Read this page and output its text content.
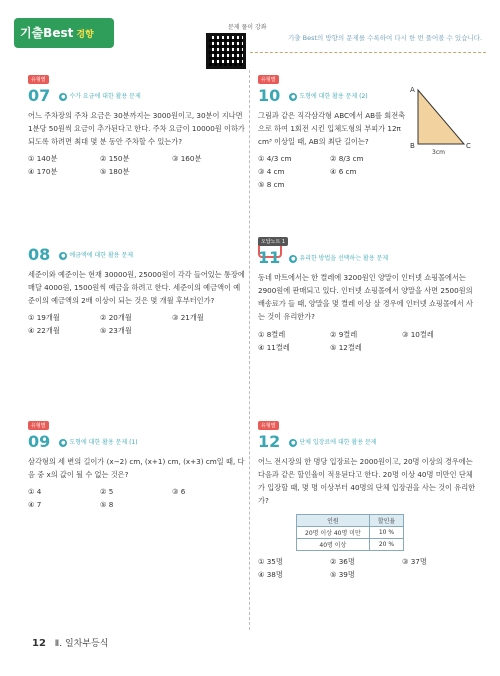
기출Best 경향
문제 풀이 강좌
기출 Best의 방향의 문제를 수록하여 다시 한 번 풀어볼 수 있습니다.
유형별
07 ● 수가 요금에 대한 활용 문제
어느 주차장의 주차 요금은 30분까지는 3000원이고, 30분이 지나면 1분당 50원씩 요금이 추가된다고 한다. 주차 요금이 10000원 이하가 되도록 하려면 최대 몇 분 동안 주차할 수 있는가?
① 140분	② 150분	③ 160분
④ 170분	⑤ 180분
08 ● 예금액에 대한 활용 문제
세준이와 예준이는 현재 30000원, 25000원이 각각 들어있는 통장에 매달 4000원, 1500원씩 예금을 하려고 한다. 세준이의 예금액이 예준이의 예금액의 2배 이상이 되는 것은 몇 개월 후부터인가?
① 19개월	② 20개월	③ 21개월
④ 22개월	⑤ 23개월
유형별
09 ● 도형에 대한 활용 문제 (1)
삼각형의 세 변의 길이가 (x−2) cm, (x+1) cm, (x+3) cm일 때, 다음 중 x의 값이 될 수 없는 것은?
① 4	② 5	③ 6
④ 7	⑤ 8
유형별
10 ● 도형에 대한 활용 문제 (2)
그림과 같은 직각삼각형 ABC에서 AB를 회전축으로 하여 1회전 시킨 입체도형의 부피가 12π cm³ 이상일 때, AB의 최단 길이는?
① 4/3 cm	② 8/3 cm
③ 4 cm	④ 6 cm
⑤ 8 cm
A
B	C
3cm
오답노트 1
11 ● 유리한 방법을 선택하는 활용 문제
동네 마트에서는 한 켤레에 3200원인 양말이 인터넷 쇼핑몰에서는 2900원에 판매되고 있다. 인터넷 쇼핑몰에서 양말을 사면 2500원의 배송료가 들 때, 양말을 몇 켤레 이상 살 경우에 인터넷 쇼핑몰에서 사는 것이 유리한가?
① 8켤레	② 9켤레	③ 10켤레
④ 11켤레	⑤ 12켤레
유형별
12 ● 단체 입장료에 대한 활용 문제
어느 전시장의 한 명당 입장료는 2000원이고, 20명 이상의 경우에는 다음과 같은 할인율이 적용된다고 한다. 20명 이상 40명 미만인 단체가 입장할 때, 몇 명 이상부터 40명의 단체 입장권을 사는 것이 유리한가?
인원	할인율
20명 이상 40명 미만	10 %
40명 이상	20 %
① 35명	② 36명	③ 37명
④ 38명	⑤ 39명
12 Ⅱ. 일차부등식
